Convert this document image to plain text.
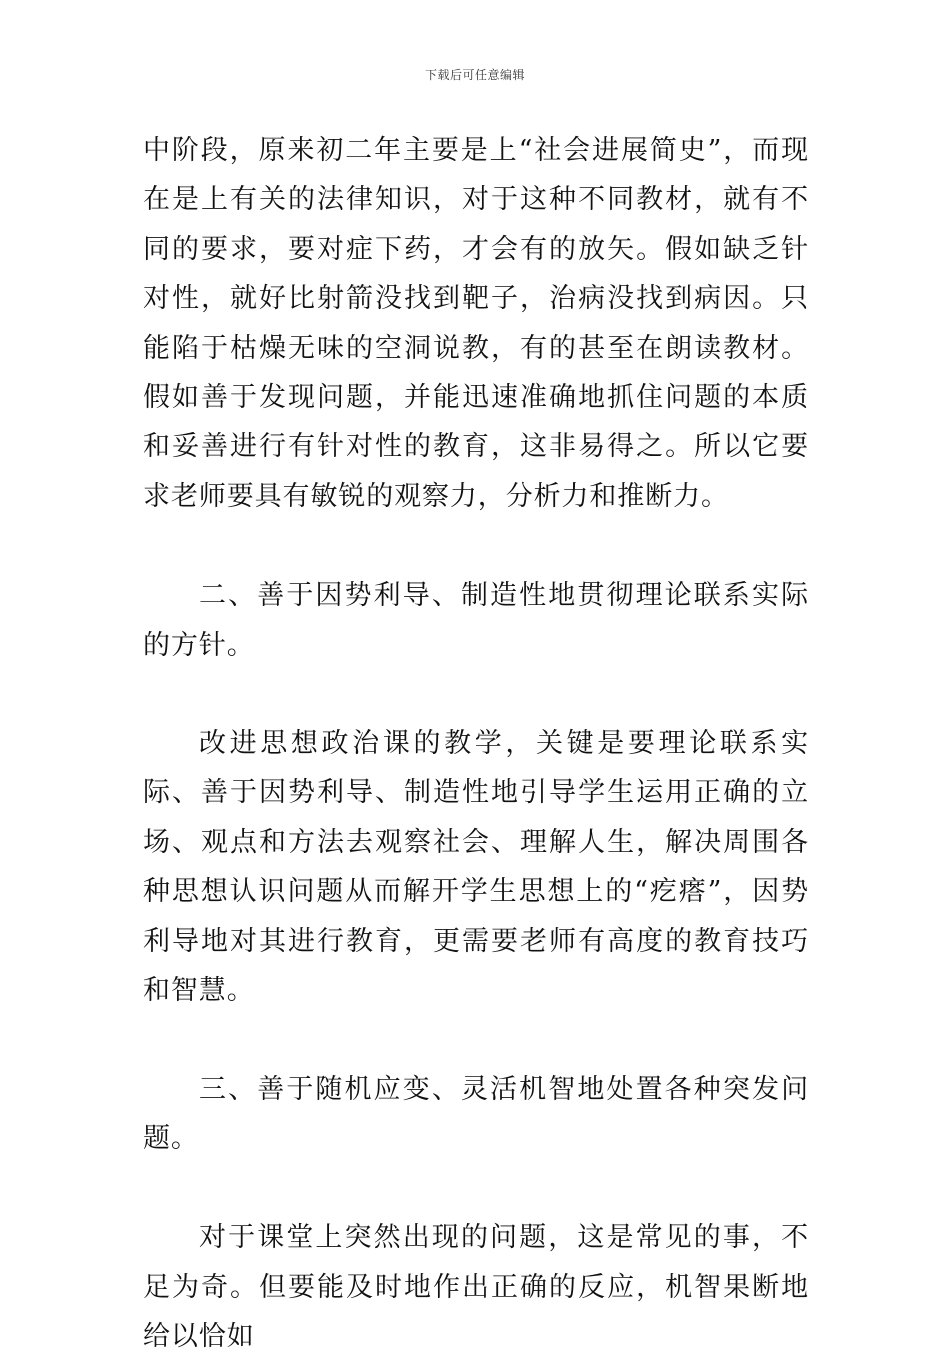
下载后可任意编辑

中阶段，原来初二年主要是上“社会进展简史”，而现在是上有关的法律知识，对于这种不同教材，就有不同的要求，要对症下药，才会有的放矢。假如缺乏针对性，就好比射箭没找到靶子，治病没找到病因。只能陷于枯燥无味的空洞说教，有的甚至在朗读教材。假如善于发现问题，并能迅速准确地抓住问题的本质和妥善进行有针对性的教育，这非易得之。所以它要求老师要具有敏锐的观察力，分析力和推断力。

二、善于因势利导、制造性地贯彻理论联系实际的方针。

改进思想政治课的教学，关键是要理论联系实际、善于因势利导、制造性地引导学生运用正确的立场、观点和方法去观察社会、理解人生，解决周围各种思想认识问题从而解开学生思想上的“疙瘩”，因势利导地对其进行教育，更需要老师有高度的教育技巧和智慧。

三、善于随机应变、灵活机智地处置各种突发问题。

对于课堂上突然出现的问题，这是常见的事，不足为奇。但要能及时地作出正确的反应，机智果断地给以恰如
